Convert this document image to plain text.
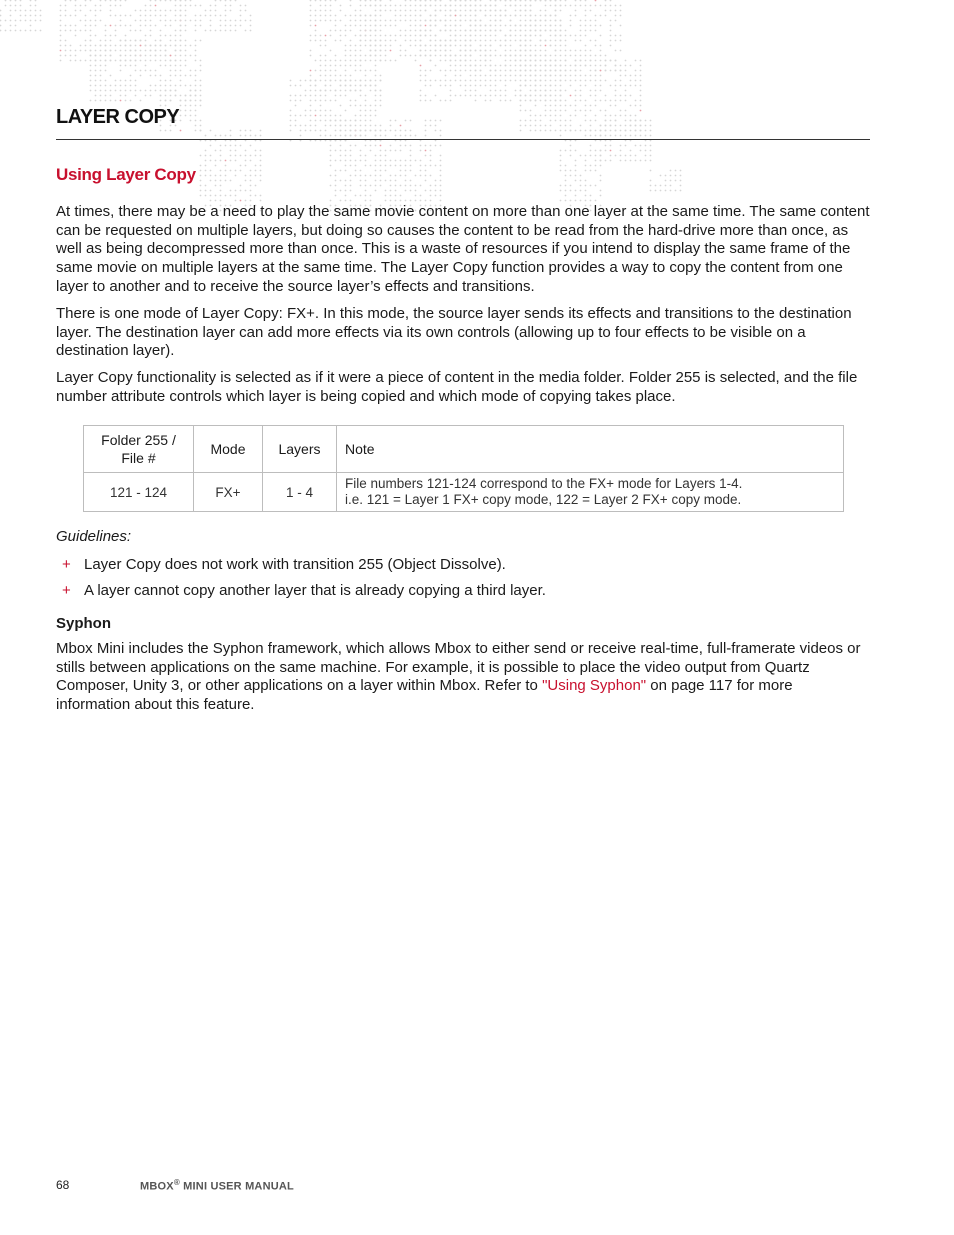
LAYER COPY
Using Layer Copy

At times, there may be a need to play the same movie content on more than one layer at the same time. The same content can be requested on multiple layers, but doing so causes the content to be read from the hard-drive more than once, as well as being decompressed more than once. This is a waste of resources if you intend to display the same frame of the same movie on multiple layers at the same time. The Layer Copy function provides a way to copy the content from one layer to another and to receive the source layer’s effects and transitions.

There is one mode of Layer Copy: FX+. In this mode, the source layer sends its effects and transitions to the destination layer. The destination layer can add more effects via its own controls (allowing up to four effects to be visible on a destination layer).

Layer Copy functionality is selected as if it were a piece of content in the media folder. Folder 255 is selected, and the file number attribute controls which layer is being copied and which mode of copying takes place.

Folder 255 / File #	Mode	Layers	Note
121 - 124	FX+	1 - 4	File numbers 121-124 correspond to the FX+ mode for Layers 1-4.
i.e. 121 = Layer 1 FX+ copy mode, 122 = Layer 2 FX+ copy mode.

Guidelines:

+ Layer Copy does not work with transition 255 (Object Dissolve).
+ A layer cannot copy another layer that is already copying a third layer.
Syphon

Mbox Mini includes the Syphon framework, which allows Mbox to either send or receive real-time, full-framerate videos or stills between applications on the same machine. For example, it is possible to place the video output from Quartz Composer, Unity 3, or other applications on a layer within Mbox. Refer to "Using Syphon" on page 117 for more information about this feature.

68	MBOX® MINI USER MANUAL
